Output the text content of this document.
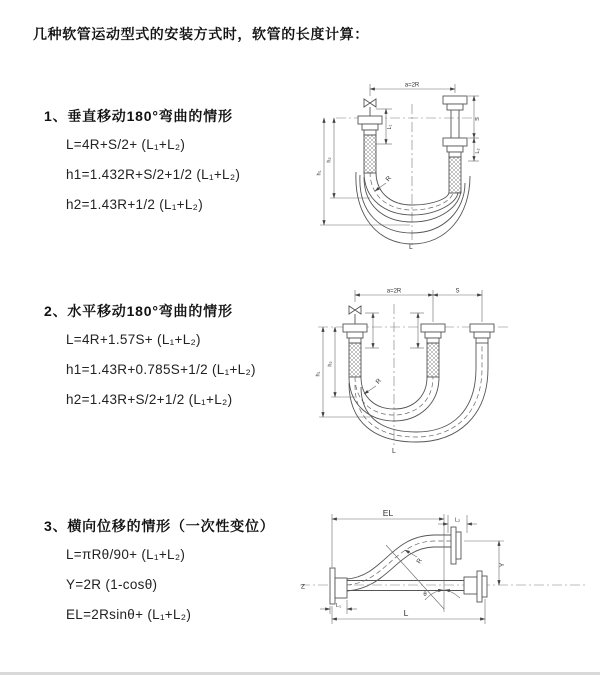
几种软管运动型式的安装方式时，软管的长度计算：
1、垂直移动180°弯曲的情形
L=4R+S/2+ (L₁+L₂)
h1=1.432R+S/2+1/2 (L₁+L₂)
h2=1.43R+1/2 (L₁+L₂)
2、水平移动180°弯曲的情形
L=4R+1.57S+ (L₁+L₂)
h1=1.43R+0.785S+1/2 (L₁+L₂)
h2=1.43R+S/2+1/2 (L₁+L₂)
3、横向位移的情形（一次性变位）
L=πRθ/90+ (L₁+L₂)
Y=2R (1-cosθ)
EL=2Rsinθ+ (L₁+L₂)
a=2R
S
L₂
L₁
h₁
h₂
R
L
a=2R	S
h₁
h₂
R
L
Z
θ
R
EL
L₂
Y
L
L₁
